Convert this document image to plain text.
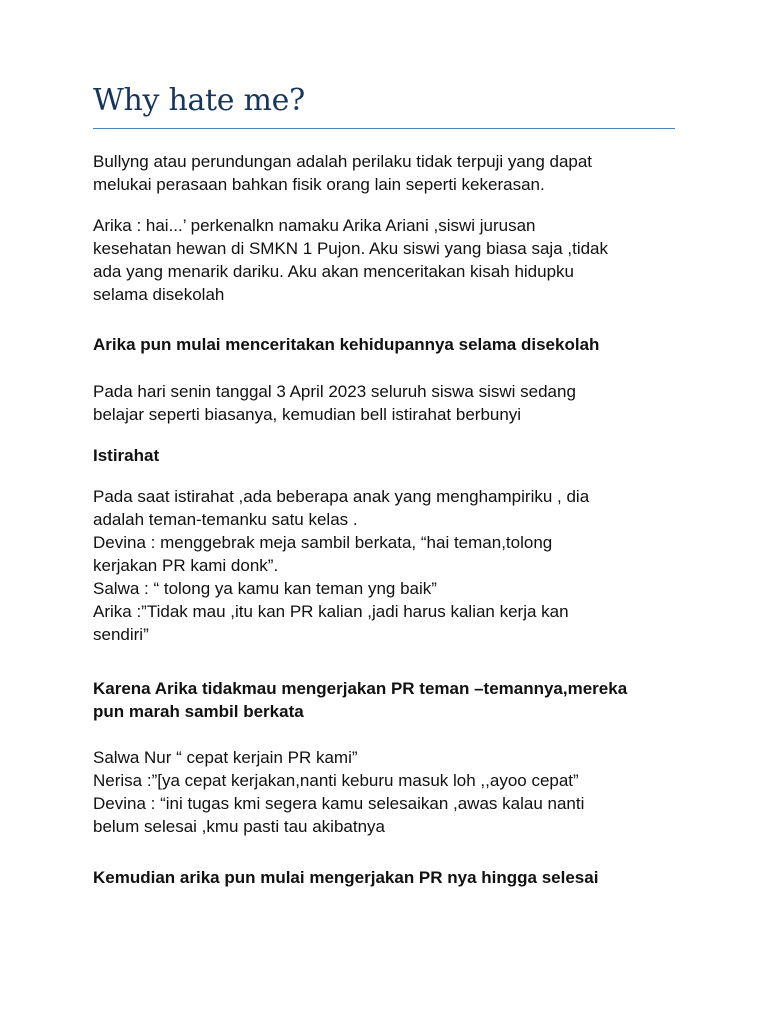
Why hate me?
Bullyng atau perundungan adalah perilaku tidak terpuji yang dapat
melukai perasaan bahkan fisik orang lain seperti kekerasan.
Arika : hai...’ perkenalkn namaku Arika Ariani ,siswi jurusan
kesehatan hewan di SMKN 1 Pujon. Aku siswi yang biasa saja ,tidak
ada yang menarik dariku. Aku akan menceritakan kisah hidupku
selama disekolah
Arika pun mulai menceritakan kehidupannya selama disekolah
Pada hari senin tanggal 3 April 2023 seluruh siswa siswi sedang
belajar seperti biasanya, kemudian bell istirahat berbunyi
Istirahat
Pada saat istirahat ,ada beberapa anak yang menghampiriku , dia
adalah teman-temanku satu kelas .
Devina : menggebrak meja sambil berkata, “hai teman,tolong
kerjakan PR kami donk”.
Salwa : “ tolong ya kamu kan teman yng baik”
Arika :”Tidak mau ,itu kan PR kalian ,jadi harus kalian kerja kan
sendiri”
Karena Arika tidakmau mengerjakan PR teman –temannya,mereka
pun marah sambil berkata
Salwa Nur “ cepat kerjain PR kami”
Nerisa :”[ya cepat kerjakan,nanti keburu masuk loh ,,ayoo cepat”
Devina : “ini tugas kmi segera kamu selesaikan ,awas kalau nanti
belum selesai ,kmu pasti tau akibatnya
Kemudian arika pun mulai mengerjakan PR nya hingga selesai
